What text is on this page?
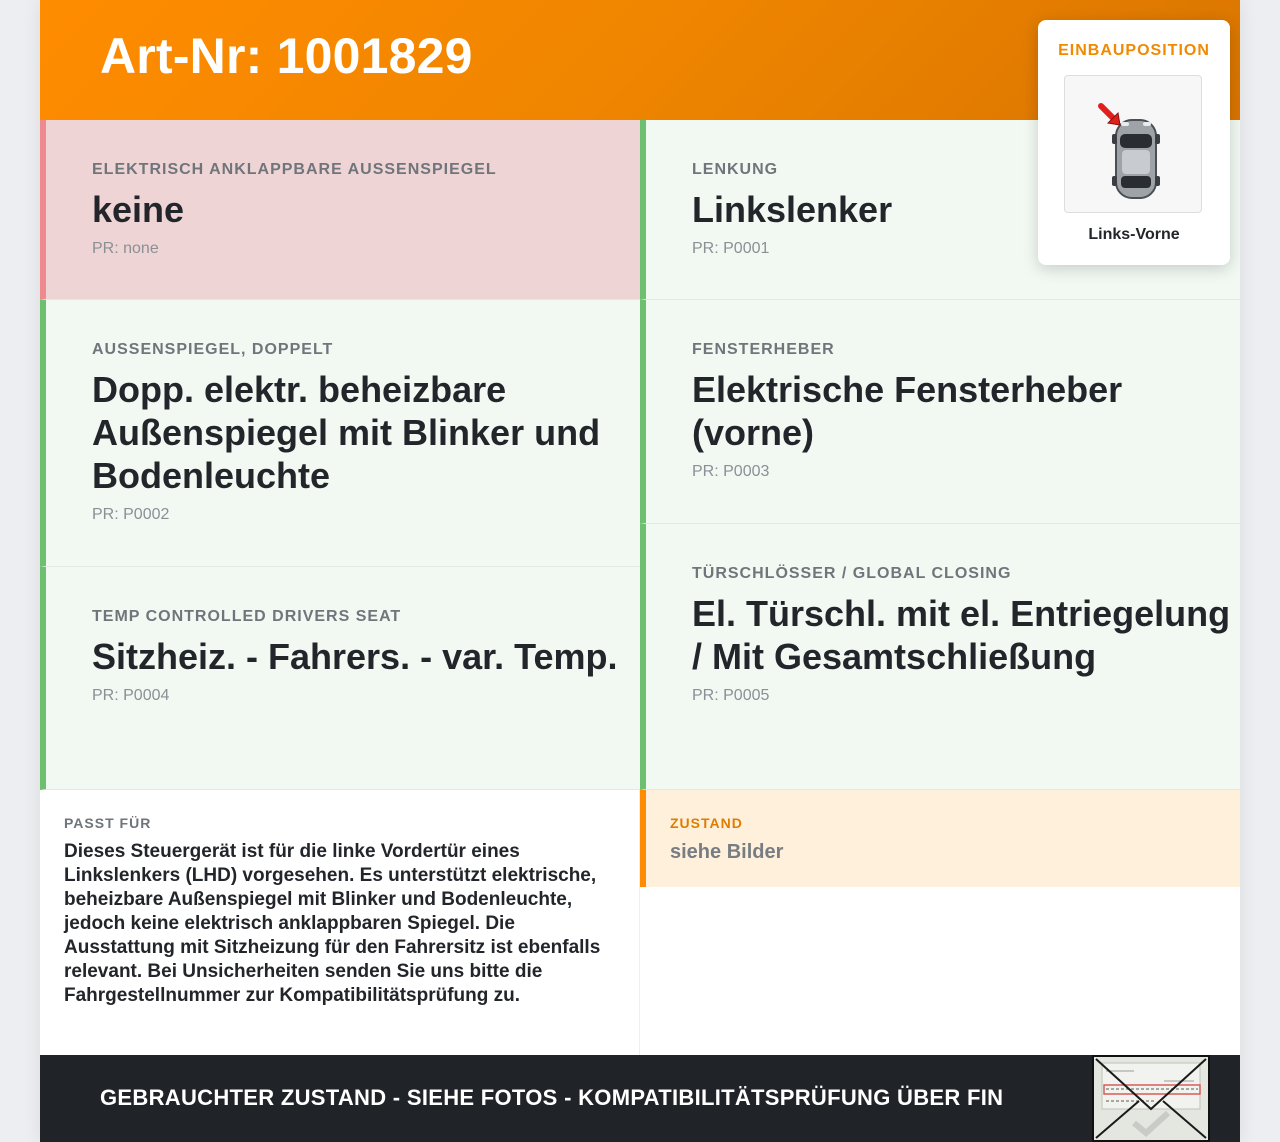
Art-Nr: 1001829
ELEKTRISCH ANKLAPPBARE AUSSENSPIEGEL
keine
PR: none
LENKUNG
Linkslenker
PR: P0001
AUSSENSPIEGEL, DOPPELT
Dopp. elektr. beheizbare Außenspiegel mit Blinker und Bodenleuchte
PR: P0002
FENSTERHEBER
Elektrische Fensterheber (vorne)
PR: P0003
TEMP CONTROLLED DRIVERS SEAT
Sitzheiz. - Fahrers. - var. Temp.
PR: P0004
TÜRSCHLÖSSER / GLOBAL CLOSING
El. Türschl. mit el. Entriegelung / Mit Gesamtschließung
PR: P0005
PASST FÜR
Dieses Steuergerät ist für die linke Vordertür eines Linkslenkers (LHD) vorgesehen. Es unterstützt elektrische, beheizbare Außenspiegel mit Blinker und Bodenleuchte, jedoch keine elektrisch anklappbaren Spiegel. Die Ausstattung mit Sitzheizung für den Fahrersitz ist ebenfalls relevant. Bei Unsicherheiten senden Sie uns bitte die Fahrgestellnummer zur Kompatibilitätsprüfung zu.
ZUSTAND
siehe Bilder
GEBRAUCHTER ZUSTAND - SIEHE FOTOS - KOMPATIBILITÄTSPRÜFUNG ÜBER FIN
EINBAUPOSITION
Links-Vorne
